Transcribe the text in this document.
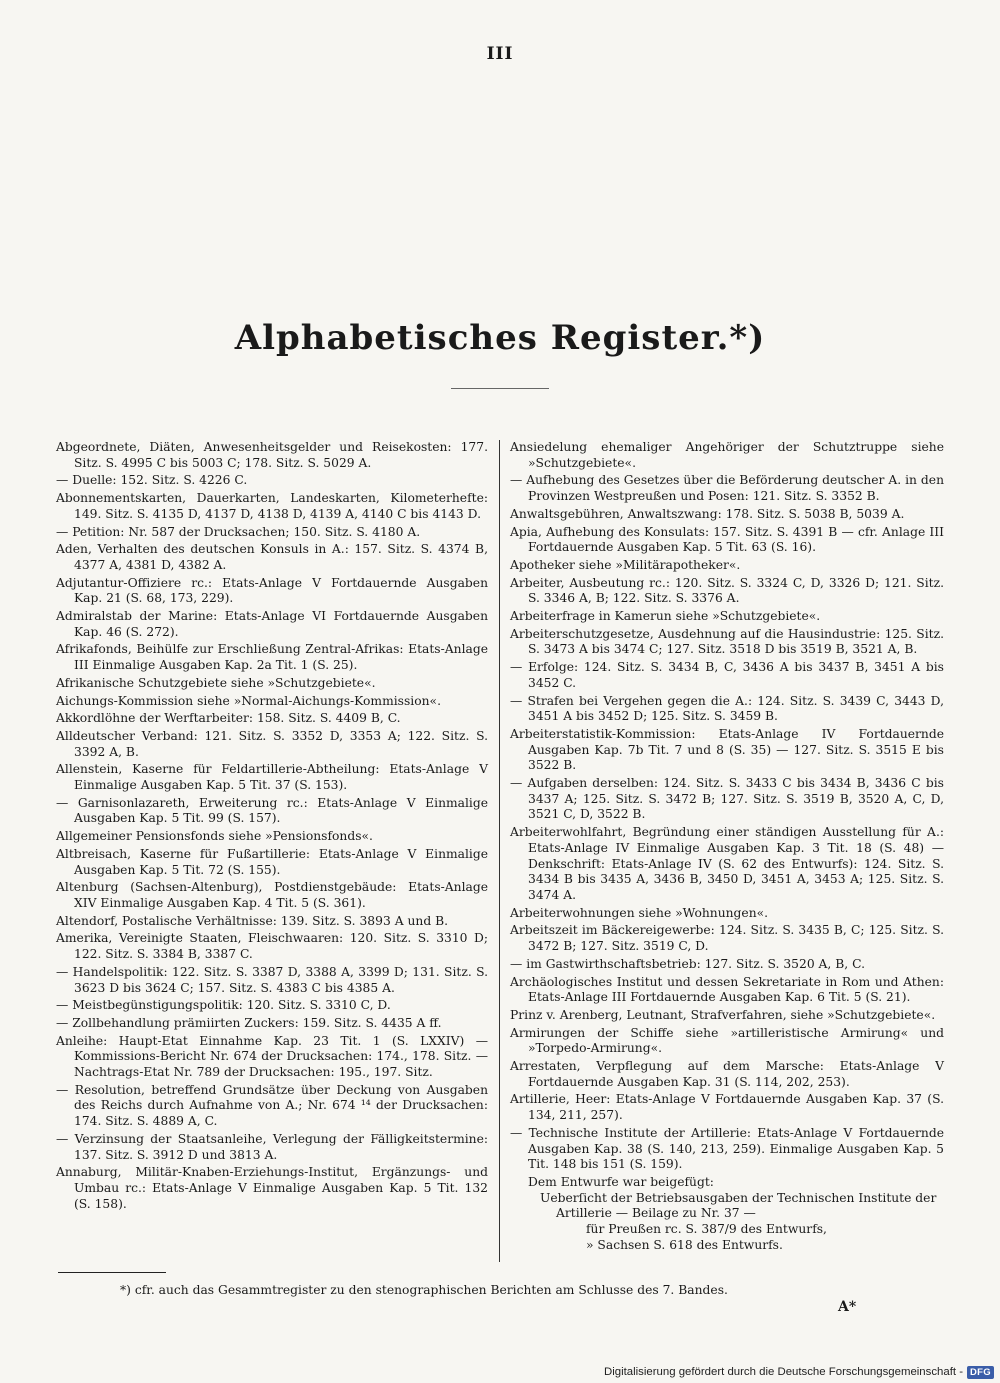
III
Alphabetisches Register.*)

Abgeordnete, Diäten, Anwesenheitsgelder und Reisekosten: 177. Sitz. S. 4995 C bis 5003 C; 178. Sitz. S. 5029 A.

— Duelle: 152. Sitz. S. 4226 C.

Abonnementskarten, Dauerkarten, Landeskarten, Kilometerhefte: 149. Sitz. S. 4135 D, 4137 D, 4138 D, 4139 A, 4140 C bis 4143 D.

— Petition: Nr. 587 der Drucksachen; 150. Sitz. S. 4180 A.

Aden, Verhalten des deutschen Konsuls in A.: 157. Sitz. S. 4374 B, 4377 A, 4381 D, 4382 A.

Adjutantur-Offiziere rc.: Etats-Anlage V Fortdauernde Ausgaben Kap. 21 (S. 68, 173, 229).

Admiralstab der Marine: Etats-Anlage VI Fortdauernde Ausgaben Kap. 46 (S. 272).

Afrikafonds, Beihülfe zur Erschließung Zentral-Afrikas: Etats-Anlage III Einmalige Ausgaben Kap. 2a Tit. 1 (S. 25).

Afrikanische Schutzgebiete siehe »Schutzgebiete«.

Aichungs-Kommission siehe »Normal-Aichungs-Kommission«.

Akkordlöhne der Werftarbeiter: 158. Sitz. S. 4409 B, C.

Alldeutscher Verband: 121. Sitz. S. 3352 D, 3353 A; 122. Sitz. S. 3392 A, B.

Allenstein, Kaserne für Feldartillerie-Abtheilung: Etats-Anlage V Einmalige Ausgaben Kap. 5 Tit. 37 (S. 153).

— Garnisonlazareth, Erweiterung rc.: Etats-Anlage V Einmalige Ausgaben Kap. 5 Tit. 99 (S. 157).

Allgemeiner Pensionsfonds siehe »Pensionsfonds«.

Altbreisach, Kaserne für Fußartillerie: Etats-Anlage V Einmalige Ausgaben Kap. 5 Tit. 72 (S. 155).

Altenburg (Sachsen-Altenburg), Postdienstgebäude: Etats-Anlage XIV Einmalige Ausgaben Kap. 4 Tit. 5 (S. 361).

Altendorf, Postalische Verhältnisse: 139. Sitz. S. 3893 A und B.

Amerika, Vereinigte Staaten, Fleischwaaren: 120. Sitz. S. 3310 D; 122. Sitz. S. 3384 B, 3387 C.

— Handelspolitik: 122. Sitz. S. 3387 D, 3388 A, 3399 D; 131. Sitz. S. 3623 D bis 3624 C; 157. Sitz. S. 4383 C bis 4385 A.

— Meistbegünstigungspolitik: 120. Sitz. S. 3310 C, D.

— Zollbehandlung prämiirten Zuckers: 159. Sitz. S. 4435 A ff.

Anleihe: Haupt-Etat Einnahme Kap. 23 Tit. 1 (S. LXXIV) — Kommissions-Bericht Nr. 674 der Drucksachen: 174., 178. Sitz. — Nachtrags-Etat Nr. 789 der Drucksachen: 195., 197. Sitz.

— Resolution, betreffend Grundsätze über Deckung von Ausgaben des Reichs durch Aufnahme von A.; Nr. 674 ¹⁴ der Drucksachen: 174. Sitz. S. 4889 A, C.

— Verzinsung der Staatsanleihe, Verlegung der Fälligkeitstermine: 137. Sitz. S. 3912 D und 3813 A.

Annaburg, Militär-Knaben-Erziehungs-Institut, Ergänzungs- und Umbau rc.: Etats-Anlage V Einmalige Ausgaben Kap. 5 Tit. 132 (S. 158).

Ansiedelung ehemaliger Angehöriger der Schutztruppe siehe »Schutzgebiete«.

— Aufhebung des Gesetzes über die Beförderung deutscher A. in den Provinzen Westpreußen und Posen: 121. Sitz. S. 3352 B.

Anwaltsgebühren, Anwaltszwang: 178. Sitz. S. 5038 B, 5039 A.

Apia, Aufhebung des Konsulats: 157. Sitz. S. 4391 B — cfr. Anlage III Fortdauernde Ausgaben Kap. 5 Tit. 63 (S. 16).

Apotheker siehe »Militärapotheker«.

Arbeiter, Ausbeutung rc.: 120. Sitz. S. 3324 C, D, 3326 D; 121. Sitz. S. 3346 A, B; 122. Sitz. S. 3376 A.

Arbeiterfrage in Kamerun siehe »Schutzgebiete«.

Arbeiterschutzgesetze, Ausdehnung auf die Hausindustrie: 125. Sitz. S. 3473 A bis 3474 C; 127. Sitz. 3518 D bis 3519 B, 3521 A, B.

— Erfolge: 124. Sitz. S. 3434 B, C, 3436 A bis 3437 B, 3451 A bis 3452 C.

— Strafen bei Vergehen gegen die A.: 124. Sitz. S. 3439 C, 3443 D, 3451 A bis 3452 D; 125. Sitz. S. 3459 B.

Arbeiterstatistik-Kommission: Etats-Anlage IV Fortdauernde Ausgaben Kap. 7b Tit. 7 und 8 (S. 35) — 127. Sitz. S. 3515 E bis 3522 B.

— Aufgaben derselben: 124. Sitz. S. 3433 C bis 3434 B, 3436 C bis 3437 A; 125. Sitz. S. 3472 B; 127. Sitz. S. 3519 B, 3520 A, C, D, 3521 C, D, 3522 B.

Arbeiterwohlfahrt, Begründung einer ständigen Ausstellung für A.: Etats-Anlage IV Einmalige Ausgaben Kap. 3 Tit. 18 (S. 48) — Denkschrift: Etats-Anlage IV (S. 62 des Entwurfs): 124. Sitz. S. 3434 B bis 3435 A, 3436 B, 3450 D, 3451 A, 3453 A; 125. Sitz. S. 3474 A.

Arbeiterwohnungen siehe »Wohnungen«.

Arbeitszeit im Bäckereigewerbe: 124. Sitz. S. 3435 B, C; 125. Sitz. S. 3472 B; 127. Sitz. 3519 C, D.

— im Gastwirthschaftsbetrieb: 127. Sitz. S. 3520 A, B, C.

Archäologisches Institut und dessen Sekretariate in Rom und Athen: Etats-Anlage III Fortdauernde Ausgaben Kap. 6 Tit. 5 (S. 21).

Prinz v. Arenberg, Leutnant, Strafverfahren, siehe »Schutzgebiete«.

Armirungen der Schiffe siehe »artilleristische Armirung« und »Torpedo-Armirung«.

Arrestaten, Verpflegung auf dem Marsche: Etats-Anlage V Fortdauernde Ausgaben Kap. 31 (S. 114, 202, 253).

Artillerie, Heer: Etats-Anlage V Fortdauernde Ausgaben Kap. 37 (S. 134, 211, 257).

— Technische Institute der Artillerie: Etats-Anlage V Fortdauernde Ausgaben Kap. 38 (S. 140, 213, 259). Einmalige Ausgaben Kap. 5 Tit. 148 bis 151 (S. 159).

Dem Entwurfe war beigefügt:
Ueberſicht der Betriebsausgaben der Technischen Institute der
Artillerie — Beilage zu Nr. 37 —
für Preußen rc. S. 387/9 des Entwurfs,
» Sachsen S. 618 des Entwurfs.
*) cfr. auch das Gesammtregister zu den stenographischen Berichten am Schlusse des 7. Bandes.
A*
Digitalisierung gefördert durch die Deutsche Forschungsgemeinschaft - DFG
